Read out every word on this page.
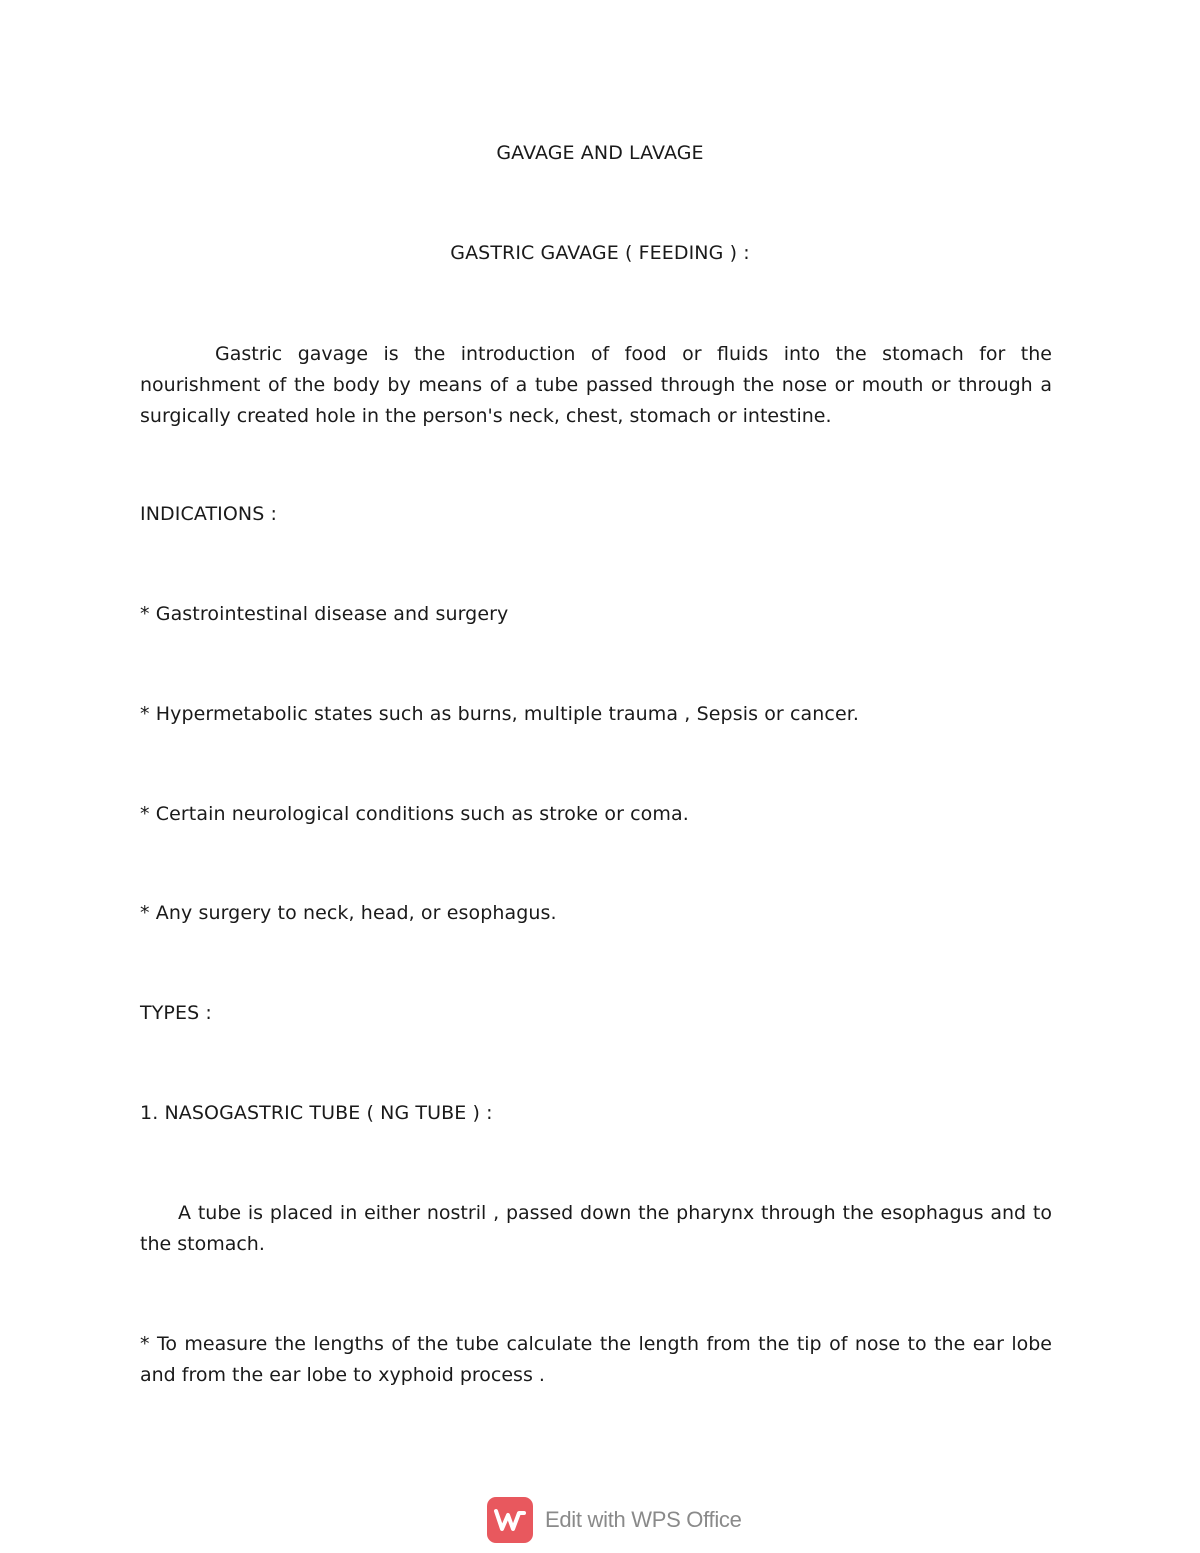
GAVAGE AND LAVAGE
GASTRIC GAVAGE ( FEEDING ) :
Gastric gavage is the introduction of food or fluids into the stomach for the nourishment of the body by means of a tube passed through the nose or mouth or through a surgically created hole in the person's neck, chest, stomach or intestine.
INDICATIONS :
* Gastrointestinal disease and surgery
* Hypermetabolic states such as burns, multiple trauma , Sepsis or cancer.
* Certain neurological conditions such as stroke or coma.
* Any surgery to neck, head, or esophagus.
TYPES :
1. NASOGASTRIC TUBE ( NG TUBE ) :
A tube is placed in either nostril , passed down the pharynx through the esophagus and to the stomach.
* To measure the lengths of the tube calculate the length from the tip of nose to the ear lobe and from the ear lobe to xyphoid process .
Edit with WPS Office
